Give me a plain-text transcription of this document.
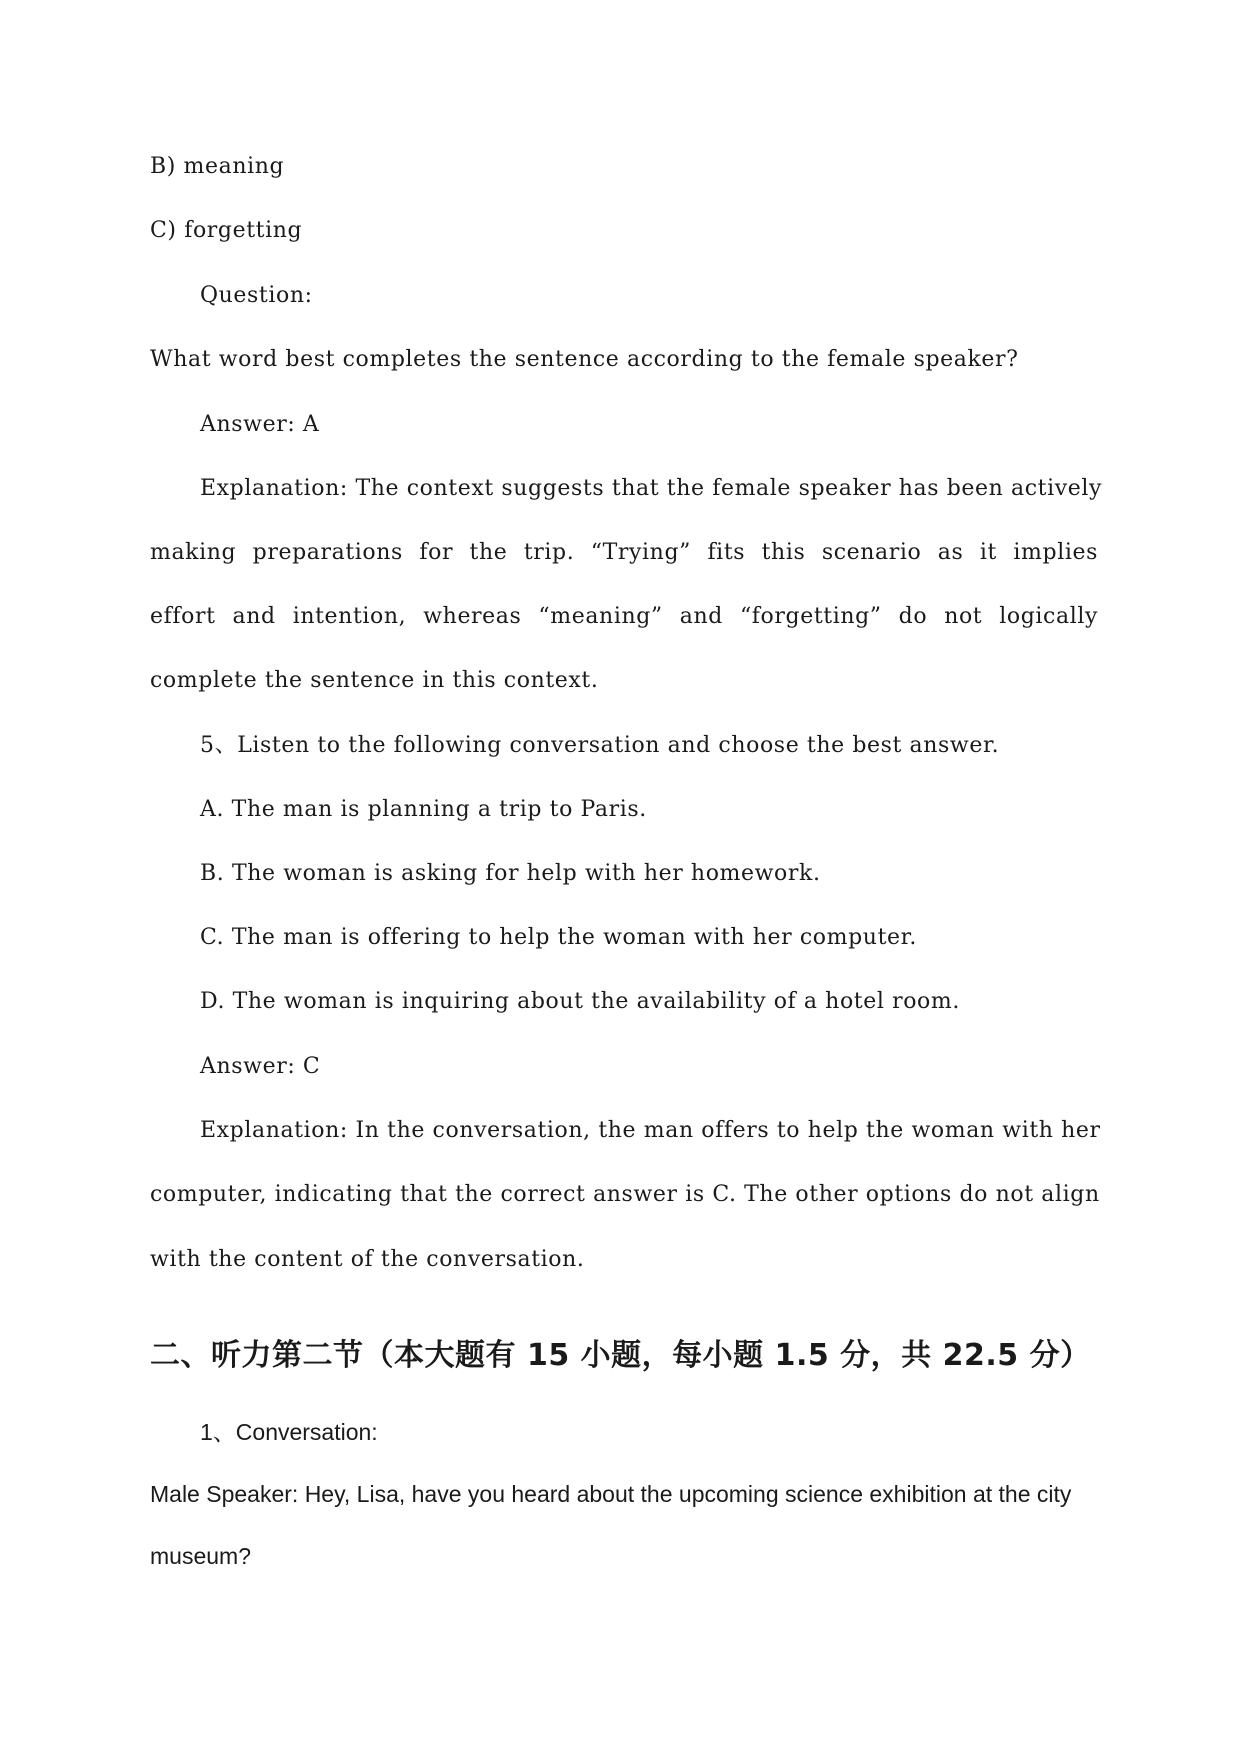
B) meaning
C) forgetting
Question:
What word best completes the sentence according to the female speaker?
Answer: A
Explanation: The context suggests that the female speaker has been actively
making preparations for the trip. “Trying” fits this scenario as it implies
effort and intention, whereas “meaning” and “forgetting” do not logically
complete the sentence in this context.
5、Listen to the following conversation and choose the best answer.
A. The man is planning a trip to Paris.
B. The woman is asking for help with her homework.
C. The man is offering to help the woman with her computer.
D. The woman is inquiring about the availability of a hotel room.
Answer: C
Explanation: In the conversation, the man offers to help the woman with her
computer, indicating that the correct answer is C. The other options do not align
with the content of the conversation.
二、听力第二节（本大题有 15 小题，每小题 1.5 分，共 22.5 分）
1、Conversation:
Male Speaker: Hey, Lisa, have you heard about the upcoming science exhibition at the city
museum?
